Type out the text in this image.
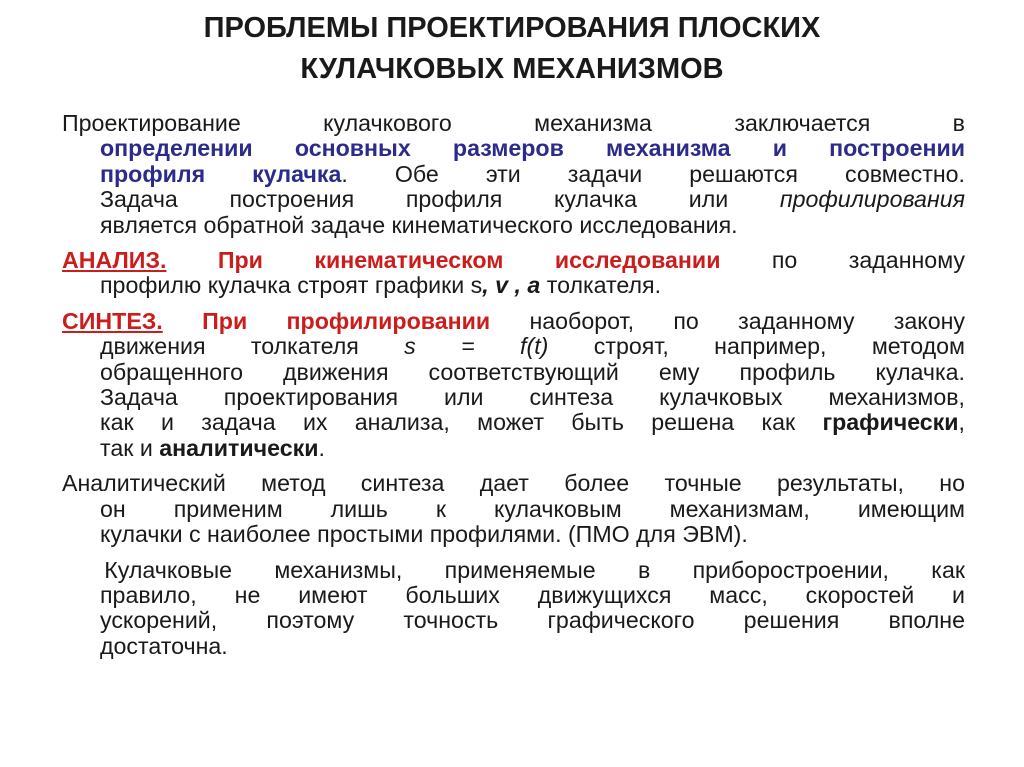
ПРОБЛЕМЫ ПРОЕКТИРОВАНИЯ ПЛОСКИХ
КУЛАЧКОВЫХ МЕХАНИЗМОВ
Проектирование кулачкового механизма заключается в
определении основных размеров механизма и построении
профиля кулачка. Обе эти задачи решаются совместно.
Задача построения профиля кулачка или профилирования
является обратной задаче кинематического исследования.
АНАЛИЗ. При кинематическом исследовании по заданному
профилю кулачка строят графики s, v , a толкателя.
СИНТЕЗ. При профилировании наоборот, по заданному закону
движения толкателя s = f(t) строят, например, методом
обращенного движения соответствующий ему профиль кулачка.
Задача проектирования или синтеза кулачковых механизмов,
как и задача их анализа, может быть решена как графически,
так и аналитически.
Аналитический метод синтеза дает более точные результаты, но
он применим лишь к кулачковым механизмам, имеющим
кулачки с наиболее простыми профилями. (ПМО для ЭВМ).
Кулачковые механизмы, применяемые в приборостроении, как
правило, не имеют больших движущихся масс, скоростей и
ускорений, поэтому точность графического решения вполне
достаточна.
